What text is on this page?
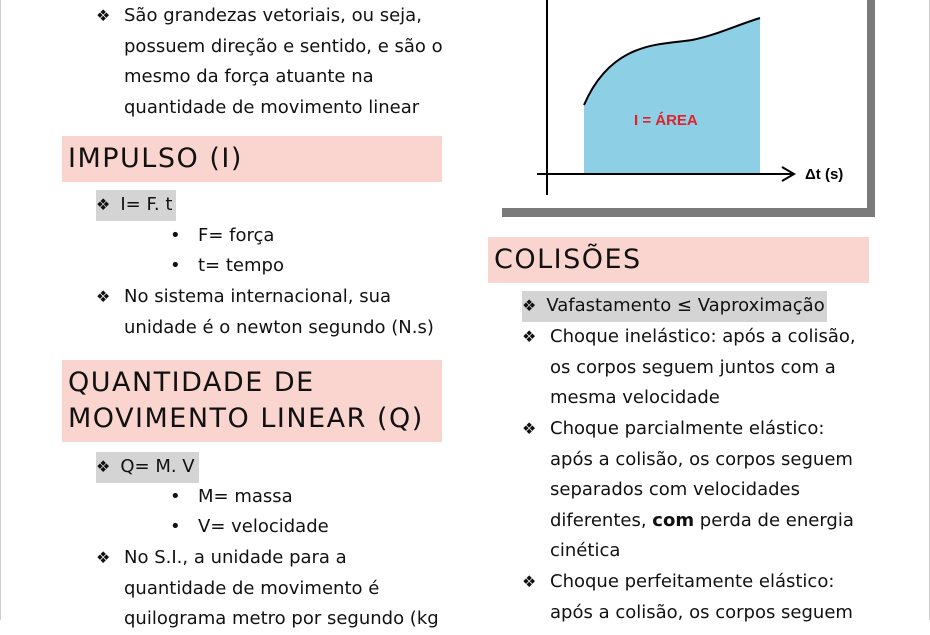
❖ São grandezas vetoriais, ou seja,
possuem direção e sentido, e são o
mesmo da força atuante na
quantidade de movimento linear
IMPULSO (I)
❖ I= F. t
• F= força
• t= tempo
❖ No sistema internacional, sua
unidade é o newton segundo (N.s)
QUANTIDADE DE
MOVIMENTO LINEAR (Q)
❖ Q= M. V
• M= massa
• V= velocidade
❖ No S.I., a unidade para a
quantidade de movimento é
quilograma metro por segundo (kg
I = ÁREA
Δt (s)
COLISÕES
❖ Vafastamento ≤ Vaproximação
❖ Choque inelástico: após a colisão,
os corpos seguem juntos com a
mesma velocidade
❖ Choque parcialmente elástico:
após a colisão, os corpos seguem
separados com velocidades
diferentes, com perda de energia
cinética
❖ Choque perfeitamente elástico:
após a colisão, os corpos seguem
